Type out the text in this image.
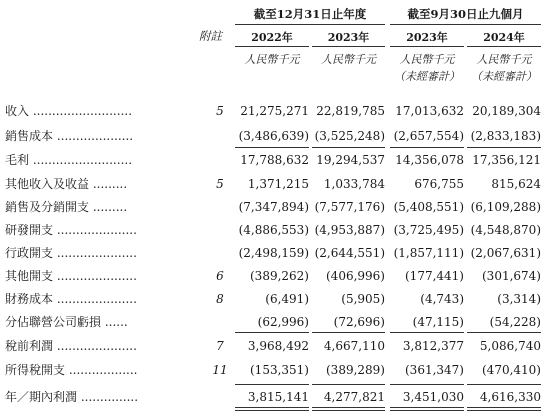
截至12月31日止年度	截至9月30日止九個月
附註	2022年	2023年	2023年	2024年
人民幣千元	人民幣千元	人民幣千元	人民幣千元
（未經審計）	（未經審計）
收入 ..........................	5	21,275,271 22,819,785 17,013,632 20,189,304
銷售成本 ....................	(3,486,639) (3,525,248) (2,657,554) (2,833,183)
毛利 ..........................	17,788,632 19,294,537 14,356,078 17,356,121
其他收入及收益 .........	5	1,371,215	1,033,784	676,755	815,624
銷售及分銷開支 .........	(7,347,894) (7,577,176) (5,408,551) (6,109,288)
研發開支 .....................	(4,886,553) (4,953,887) (3,725,495) (4,548,870)
行政開支 .....................	(2,498,159) (2,644,551) (1,857,111) (2,067,631)
其他開支 .....................	6	(389,262)	(406,996)	(177,441)	(301,674)
財務成本 .....................	8	(6,491)	(5,905)	(4,743)	(3,314)
分佔聯營公司虧損 ......	(62,996)	(72,696)	(47,115)	(54,228)
稅前利潤 .....................	7	3,968,492	4,667,110	3,812,377	5,086,740
所得稅開支 ..................	11	(153,351)	(389,289)	(361,347)	(470,410)
年／期內利潤 ...............	3,815,141	4,277,821	3,451,030	4,616,330
